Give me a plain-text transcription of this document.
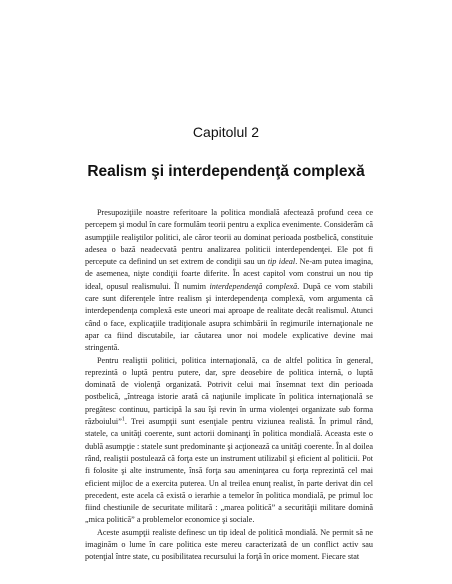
Capitolul 2
Realism şi interdependenţă complexă

Presupoziţiile noastre referitoare la politica mondială afectează profund ceea ce percepem şi modul în care formulăm teorii pentru a explica evenimente. Considerăm că asumpţiile realiştilor politici, ale căror teorii au dominat perioada postbelică, constituie adesea o bază neadecvată pentru analizarea politicii interdependenţei. Ele pot fi percepute ca definind un set extrem de condiţii sau un tip ideal. Ne-am putea imagina, de asemenea, nişte condiţii foarte diferite. În acest capitol vom construi un nou tip ideal, opusul realismului. Îl numim interdependenţă complexă. După ce vom stabili care sunt diferenţele între realism şi interdependenţa complexă, vom argumenta că interdependenţa complexă este uneori mai aproape de realitate decât realismul. Atunci când o face, explicaţiile tradiţionale asupra schimbării în regimurile internaţionale ne apar ca fiind discutabile, iar căutarea unor noi modele explicative devine mai stringentă.

Pentru realiştii politici, politica internaţională, ca de altfel politica în general, reprezintă o luptă pentru putere, dar, spre deosebire de politica internă, o luptă dominată de violenţă organizată. Potrivit celui mai însemnat text din perioada postbelică, „întreaga istorie arată că naţiunile implicate în politica internaţională se pregătesc continuu, participă la sau îşi revin în urma violenţei organizate sub forma războiului”$^1$. Trei asumpţii sunt esenţiale pentru viziunea realistă. În primul rând, statele, ca unităţi coerente, sunt actorii dominanţi în politica mondială. Aceasta este o dublă asumpţie : statele sunt predominante şi acţionează ca unităţi coerente. În al doilea rând, realiştii postulează că forţa este un instrument utilizabil şi eficient al politicii. Pot fi folosite şi alte instrumente, însă forţa sau ameninţarea cu forţa reprezintă cel mai eficient mijloc de a exercita puterea. Un al treilea enunţ realist, în parte derivat din cel precedent, este acela că există o ierarhie a temelor în politica mondială, pe primul loc fiind chestiunile de securitate militară : „marea politică” a securităţii militare domină „mica politică” a problemelor economice şi sociale.

Aceste asumpţii realiste definesc un tip ideal de politică mondială. Ne permit să ne imaginăm o lume în care politica este mereu caracterizată de un conflict activ sau potenţial între state, cu posibilitatea recursului la forţă în orice moment. Fiecare stat
